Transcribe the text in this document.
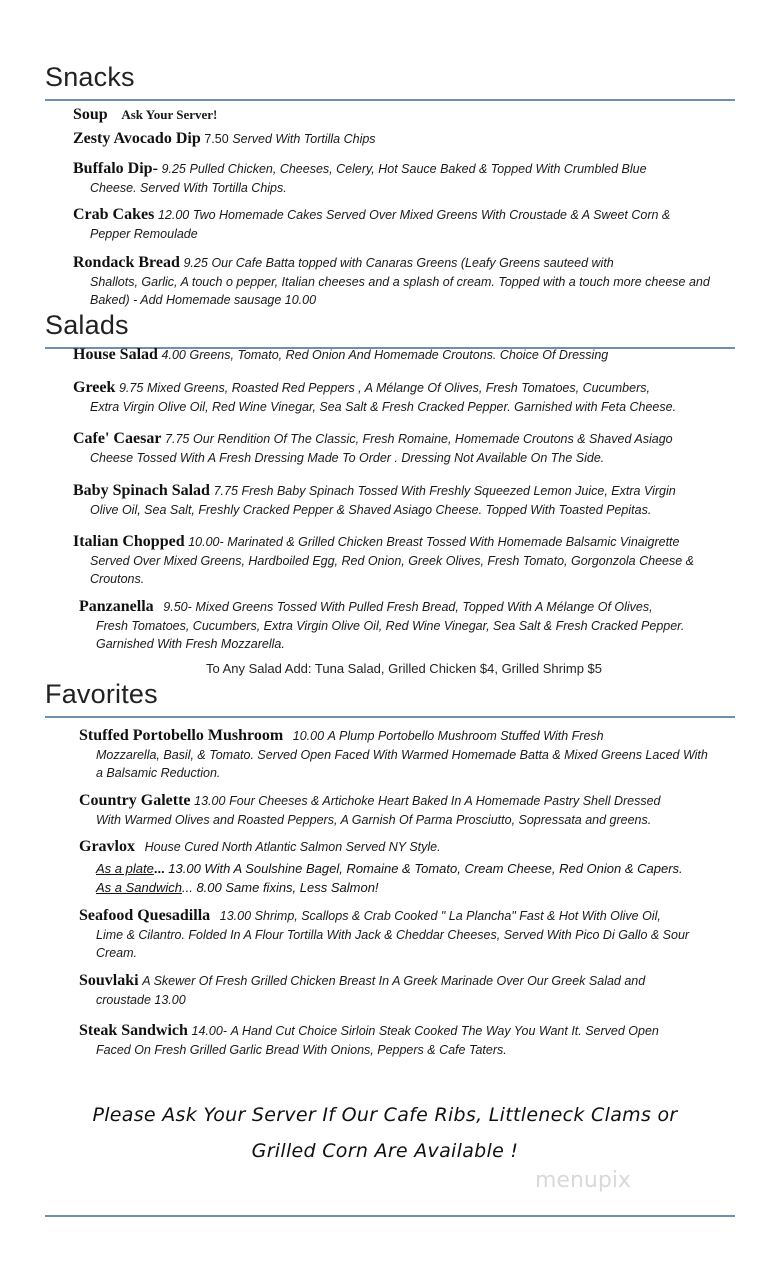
Snacks
Soup Ask Your Server!
Zesty Avocado Dip 7.50 Served With Tortilla Chips
Buffalo Dip- 9.25 Pulled Chicken, Cheeses, Celery, Hot Sauce Baked & Topped With Crumbled Blue
Cheese. Served With Tortilla Chips.
Crab Cakes 12.00 Two Homemade Cakes Served Over Mixed Greens With Croustade & A Sweet Corn &
Pepper Remoulade
Rondack Bread 9.25 Our Cafe Batta topped with Canaras Greens (Leafy Greens sauteed with
Shallots, Garlic, A touch o pepper, Italian cheeses and a splash of cream. Topped with a touch more cheese and Baked) - Add Homemade sausage 10.00
Salads
House Salad 4.00 Greens, Tomato, Red Onion And Homemade Croutons. Choice Of Dressing
Greek 9.75 Mixed Greens, Roasted Red Peppers , A Mélange Of Olives, Fresh Tomatoes, Cucumbers,
Extra Virgin Olive Oil, Red Wine Vinegar, Sea Salt & Fresh Cracked Pepper. Garnished with Feta Cheese.
Cafe' Caesar 7.75 Our Rendition Of The Classic, Fresh Romaine, Homemade Croutons & Shaved Asiago
Cheese Tossed With A Fresh Dressing Made To Order . Dressing Not Available On The Side.
Baby Spinach Salad 7.75 Fresh Baby Spinach Tossed With Freshly Squeezed Lemon Juice, Extra Virgin
Olive Oil, Sea Salt, Freshly Cracked Pepper & Shaved Asiago Cheese. Topped With Toasted Pepitas.
Italian Chopped 10.00- Marinated & Grilled Chicken Breast Tossed With Homemade Balsamic Vinaigrette
Served Over Mixed Greens, Hardboiled Egg, Red Onion, Greek Olives, Fresh Tomato, Gorgonzola Cheese & Croutons.
Panzanella 9.50- Mixed Greens Tossed With Pulled Fresh Bread, Topped With A Mélange Of Olives,
Fresh Tomatoes, Cucumbers, Extra Virgin Olive Oil, Red Wine Vinegar, Sea Salt & Fresh Cracked Pepper. Garnished With Fresh Mozzarella.
To Any Salad Add: Tuna Salad, Grilled Chicken $4, Grilled Shrimp $5
Favorites
Stuffed Portobello Mushroom 10.00 A Plump Portobello Mushroom Stuffed With Fresh
Mozzarella, Basil, & Tomato. Served Open Faced With Warmed Homemade Batta & Mixed Greens Laced With a Balsamic Reduction.
Country Galette 13.00 Four Cheeses & Artichoke Heart Baked In A Homemade Pastry Shell Dressed
With Warmed Olives and Roasted Peppers, A Garnish Of Parma Prosciutto, Sopressata and greens.
Gravlox House Cured North Atlantic Salmon Served NY Style.
As a plate... 13.00 With A Soulshine Bagel, Romaine & Tomato, Cream Cheese, Red Onion & Capers.
As a Sandwich... 8.00 Same fixins, Less Salmon!
Seafood Quesadilla 13.00 Shrimp, Scallops & Crab Cooked " La Plancha" Fast & Hot With Olive Oil,
Lime & Cilantro. Folded In A Flour Tortilla With Jack & Cheddar Cheeses, Served With Pico Di Gallo & Sour Cream.
Souvlaki A Skewer Of Fresh Grilled Chicken Breast In A Greek Marinade Over Our Greek Salad and
croustade 13.00
Steak Sandwich 14.00- A Hand Cut Choice Sirloin Steak Cooked The Way You Want It. Served Open
Faced On Fresh Grilled Garlic Bread With Onions, Peppers & Cafe Taters.
Please Ask Your Server If Our Cafe Ribs, Littleneck Clams or
Grilled Corn Are Available !
menupix
